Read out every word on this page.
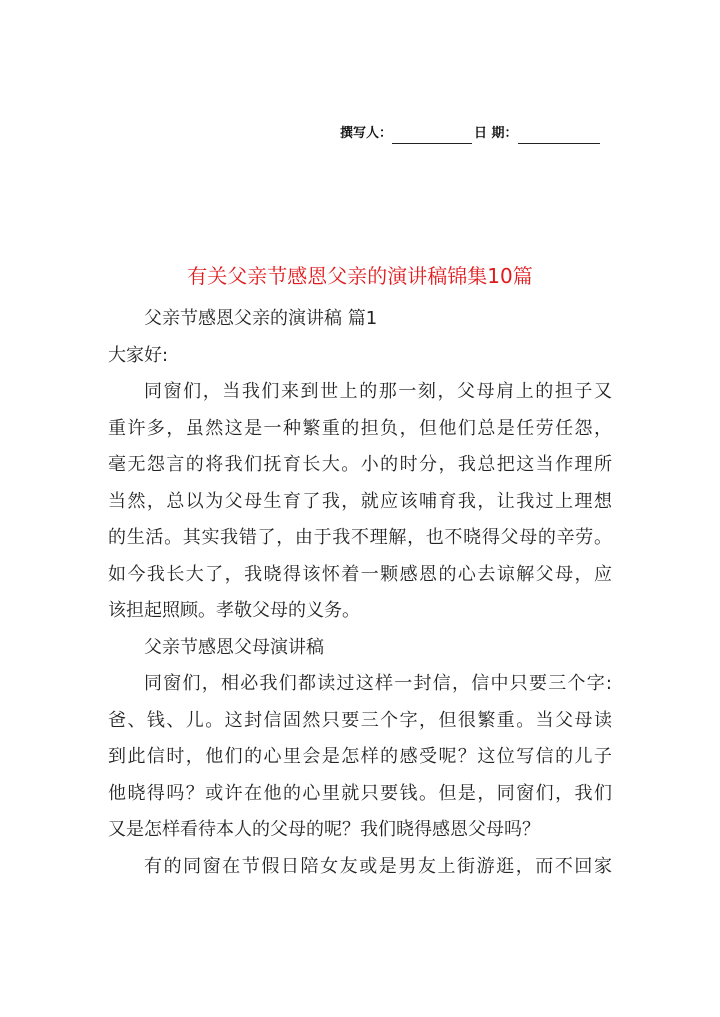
撰写人：	日 期：
有关父亲节感恩父亲的演讲稿锦集10篇
父亲节感恩父亲的演讲稿 篇1
大家好:
同窗们，当我们来到世上的那一刻，父母肩上的担子又
重许多，虽然这是一种繁重的担负，但他们总是任劳任怨，
毫无怨言的将我们抚育长大。小的时分，我总把这当作理所
当然，总以为父母生育了我，就应该哺育我，让我过上理想
的生活。其实我错了，由于我不理解，也不晓得父母的辛劳。
如今我长大了，我晓得该怀着一颗感恩的心去谅解父母，应
该担起照顾。孝敬父母的义务。
父亲节感恩父母演讲稿
同窗们，相必我们都读过这样一封信，信中只要三个字:
爸、钱、儿。这封信固然只要三个字，但很繁重。当父母读
到此信时，他们的心里会是怎样的感受呢？这位写信的儿子
他晓得吗？或许在他的心里就只要钱。但是，同窗们，我们
又是怎样看待本人的父母的呢？我们晓得感恩父母吗？
有的同窗在节假日陪女友或是男友上街游逛，而不回家
